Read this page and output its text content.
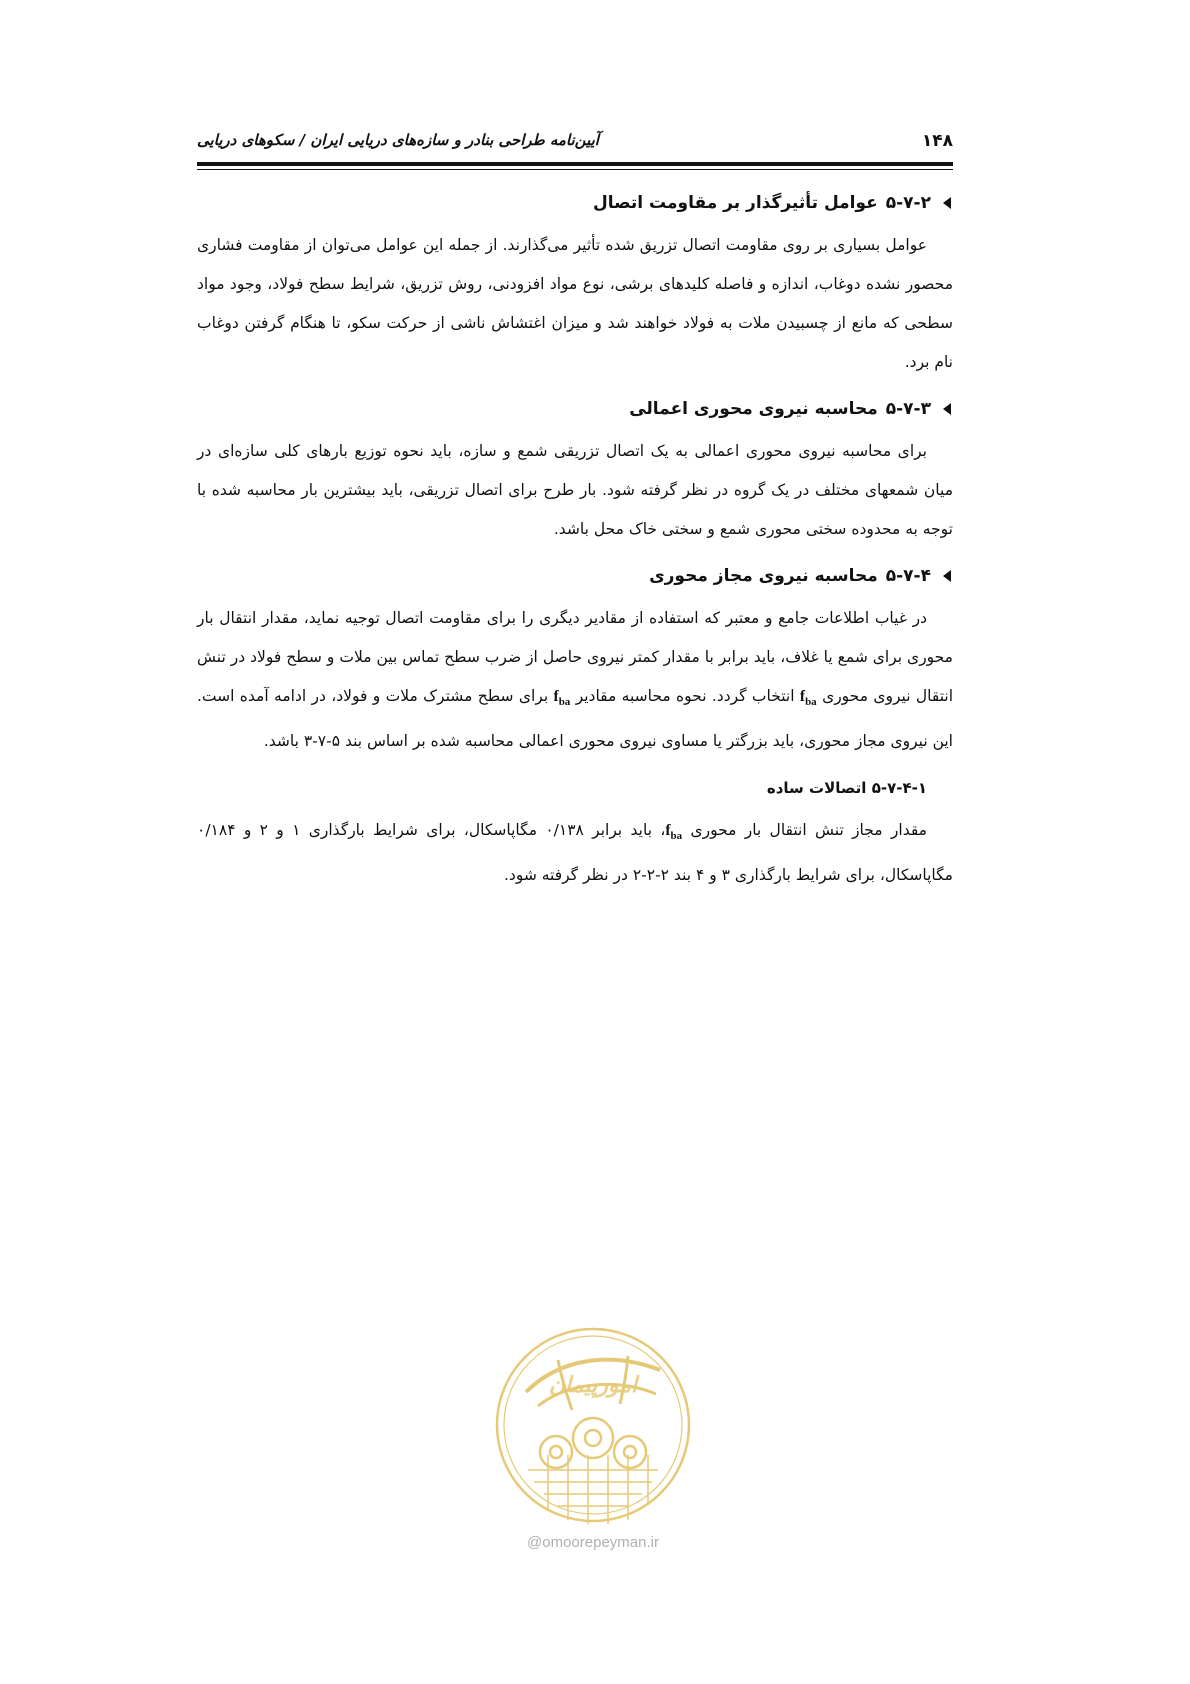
۱۴۸
آیین‌نامه طراحی بنادر و سازه‌های دریایی ایران / سکوهای دریایی
۵-۷-۲
عوامل تأثیرگذار بر مقاومت اتصال

عوامل بسیاری بر روی مقاومت اتصال تزریق شده تأثیر می‌گذارند. از جمله این عوامل می‌توان از مقاومت فشاری محصور نشده دوغاب، اندازه و فاصله کلیدهای برشی، نوع مواد افزودنی، روش تزریق، شرایط سطح فولاد، وجود مواد سطحی که مانع از چسبیدن ملات به فولاد خواهند شد و میزان اغتشاش ناشی از حرکت سکو، تا هنگام گرفتن دوغاب نام برد.

۵-۷-۳
محاسبه نیروی محوری اعمالی

برای محاسبه نیروی محوری اعمالی به یک اتصال تزریقی شمع و سازه، باید نحوه توزیع بارهای کلی سازه‌ای در میان شمعهای مختلف در یک گروه در نظر گرفته شود. بار طرح برای اتصال تزریقی، باید بیشترین بار محاسبه شده با توجه به محدوده سختی محوری شمع و سختی خاک محل باشد.

۵-۷-۴
محاسبه نیروی مجاز محوری

در غیاب اطلاعات جامع و معتبر که استفاده از مقادیر دیگری را برای مقاومت اتصال توجیه نماید، مقدار انتقال بار محوری برای شمع یا غلاف، باید برابر با مقدار کمتر نیروی حاصل از ضرب سطح تماس بین ملات و سطح فولاد در تنش انتقال نیروی محوری $f_{ba}$ انتخاب گردد. نحوه محاسبه مقادیر $f_{ba}$ برای سطح مشترک ملات و فولاد، در ادامه آمده است. این نیروی مجاز محوری، باید بزرگتر یا مساوی نیروی محوری اعمالی محاسبه شده بر اساس بند ۵-۷-۳ باشد.

۵-۷-۴-۱ اتصالات ساده

مقدار مجاز تنش انتقال بار محوری $f_{ba}،$ باید برابر ۰/۱۳۸ مگاپاسکال، برای شرایط بارگذاری ۱ و ۲ و ۰/۱۸۴ مگاپاسکال، برای شرایط بارگذاری ۳ و ۴ بند ۲-۲-۲ در نظر گرفته شود.

امورپیمان
@omoorepeyman.ir
